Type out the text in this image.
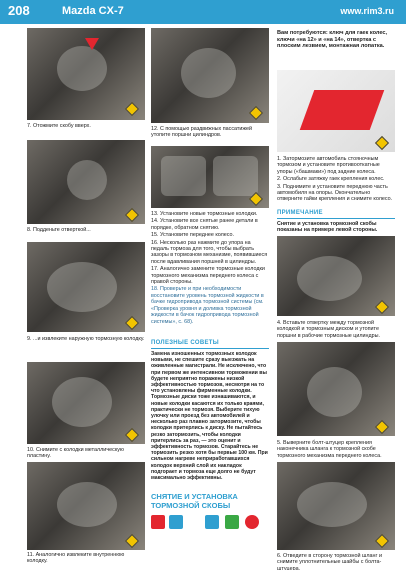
208	Mazda CX-7	www.rim3.ru
7. Отожмите скобу вверх.
8. Подденьте отверткой...
9. ...и извлеките наружную тормозную колодку.
10. Снимите с колодки металлическую пластину.
11. Аналогично извлеките внутреннюю колодку.
12. С помощью раздвижных пассатижей утопите поршни цилиндров.

13. Установите новые тормозные колодки.

14. Установите все снятые ранее детали в порядке, обратном снятию.

15. Установите переднее колесо.

16. Несколько раз нажмите до упора на педаль тормоза для того, чтобы выбрать зазоры в тормозном механизме, появившиеся после вдавливания поршней в цилиндры.

17. Аналогично замените тормозные колодки тормозного механизма переднего колеса с правой стороны.

18. Проверьте и при необходимости восстановите уровень тормозной жидкости в бачке гидропривода тормозной системы (см. «Проверка уровня и доливка тормозной жидкости в бачок гидропривода тормозной системы», с. 68).

ПОЛЕЗНЫЕ СОВЕТЫ
Замена изношенных тормозных колодок новыми, не спешите сразу выезжать на оживленные магистрали. Не исключено, что при первом же интенсивном торможении вы будете неприятно поражены низкой эффективностью тормозов, несмотря на то что установлены фирменные колодки. Тормозные диски тоже изнашиваются, и новые колодки касаются их только краями, практически не тормозя. Выберите тихую улочку или проезд без автомобилей и несколько раз плавно затормозите, чтобы колодки притерлись к диску. Не пытайтесь резко затормозить, чтобы колодки притерлись за раз, — это оценит и эффективность тормозов. Старайтесь не тормозить резко хотя бы первые 100 км. При сильном нагреве неприработавшихся колодок верхний слой их накладок подгорает и тормоза еще долго не будут максимально эффективны.
СНЯТИЕ И УСТАНОВКА
ТОРМОЗНОЙ СКОБЫ
Вам потребуются: ключ для гаек колес, ключи «на 12» и «на 14», отвертка с плоским лезвием, монтажная лопатка.

1. Затормозите автомобиль стояночным тормозом и установите противооткатные упоры («башмаки») под задние колеса.

2. Ослабьте затяжку гаек крепления колес.

3. Поднимите и установите переднюю часть автомобиля на опоры. Окончательно отверните гайки крепления и снимите колесо.

ПРИМЕЧАНИЕ
Снятие и установка тормозной скобы показаны на примере левой стороны.
4. Вставьте отвертку между тормозной колодкой и тормозным диском и утопите поршни в рабочие тормозные цилиндры.
5. Выверните болт-штуцер крепления наконечника шланга к тормозной скобе тормозного механизма переднего колеса.
6. Отведите в сторону тормозной шланг и снимите уплотнительные шайбы с болта-штуцера.
